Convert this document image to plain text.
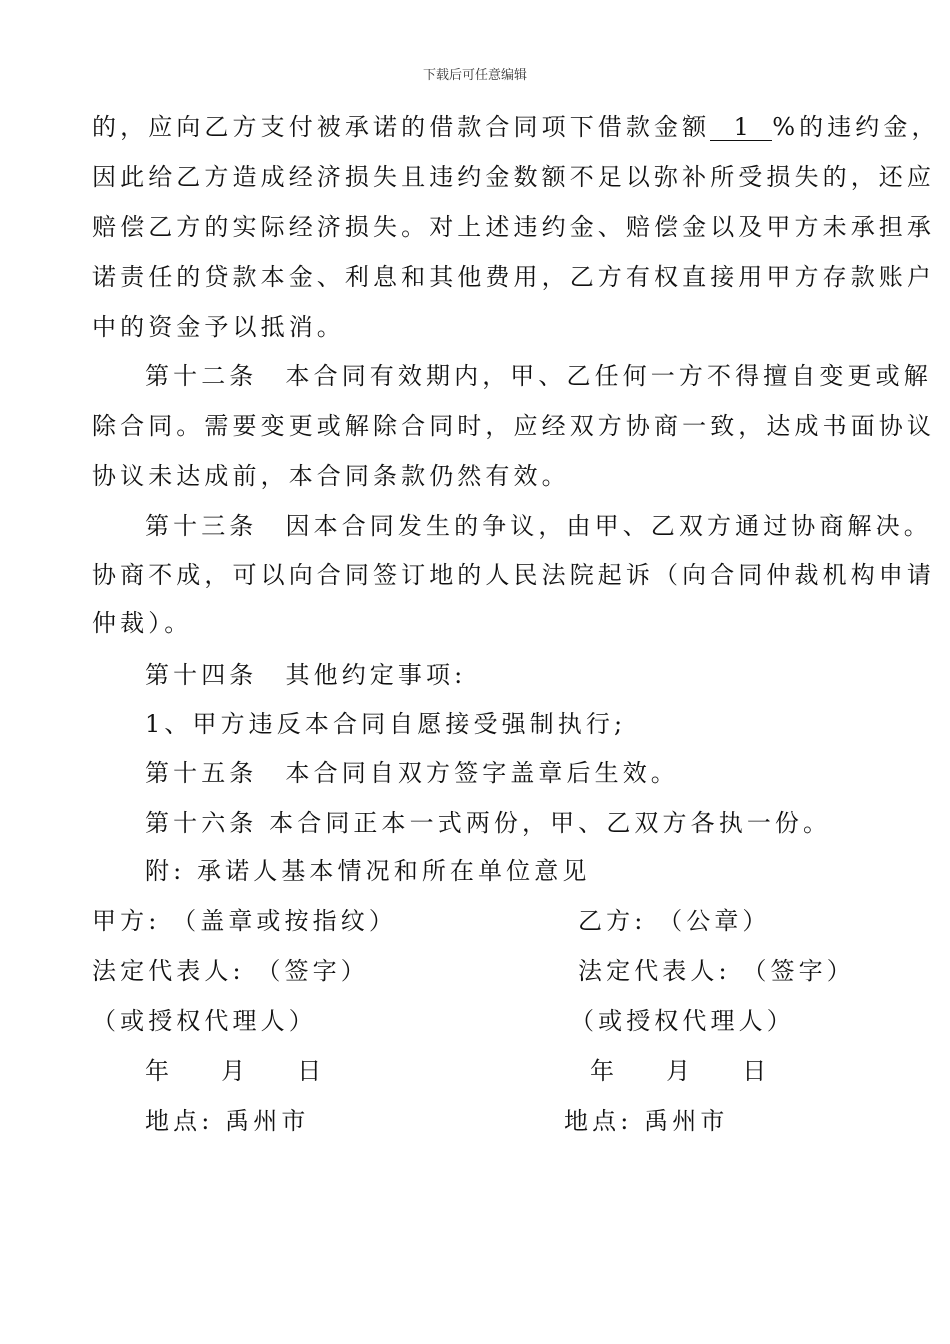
下载后可任意编辑
的，应向乙方支付被承诺的借款合同项下借款金额 1 %的违约金，
因此给乙方造成经济损失且违约金数额不足以弥补所受损失的，还应
赔偿乙方的实际经济损失。对上述违约金、赔偿金以及甲方未承担承
诺责任的贷款本金、利息和其他费用，乙方有权直接用甲方存款账户
中的资金予以抵消。
第十二条　本合同有效期内，甲、乙任何一方不得擅自变更或解
除合同。需要变更或解除合同时，应经双方协商一致，达成书面协议
协议未达成前，本合同条款仍然有效。
第十三条　因本合同发生的争议，由甲、乙双方通过协商解决。
协商不成，可以向合同签订地的人民法院起诉（向合同仲裁机构申请
仲裁）。
第十四条　其他约定事项:
1、甲方违反本合同自愿接受强制执行;
第十五条　本合同自双方签字盖章后生效。
第十六条 本合同正本一式两份，甲、乙双方各执一份。
附: 承诺人基本情况和所在单位意见
甲方: （盖章或按指纹）
法定代表人: （签字）
（或授权代理人）
年 月 日
地点: 禹州市
乙方: （公章）
法定代表人: （签字）
（或授权代理人）
年 月 日
地点: 禹州市
